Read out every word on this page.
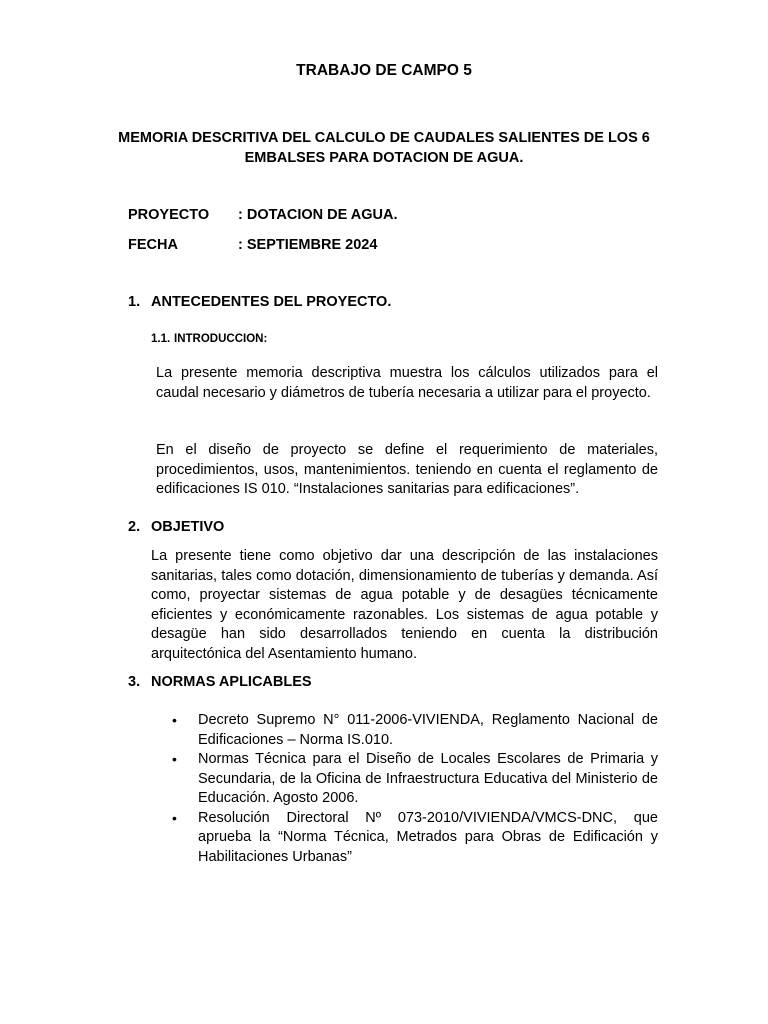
TRABAJO DE CAMPO 5

MEMORIA DESCRITIVA DEL CALCULO DE CAUDALES SALIENTES DE LOS 6 EMBALSES PARA DOTACION DE AGUA.

PROYECTO	: DOTACION DE AGUA.
FECHA	: SEPTIEMBRE 2024
1. ANTECEDENTES DEL PROYECTO.
1.1. INTRODUCCION:

La presente memoria descriptiva muestra los cálculos utilizados para el caudal necesario y diámetros de tubería necesaria a utilizar para el proyecto.

En el diseño de proyecto se define el requerimiento de materiales, procedimientos, usos, mantenimientos. teniendo en cuenta el reglamento de edificaciones IS 010. “Instalaciones sanitarias para edificaciones”.

2. OBJETIVO

La presente tiene como objetivo dar una descripción de las instalaciones sanitarias, tales como dotación, dimensionamiento de tuberías y demanda. Así como, proyectar sistemas de agua potable y de desagües técnicamente eficientes y económicamente razonables. Los sistemas de agua potable y desagüe han sido desarrollados teniendo en cuenta la distribución arquitectónica del Asentamiento humano.

3. NORMAS APLICABLES
• Decreto Supremo N° 011-2006-VIVIENDA, Reglamento Nacional de Edificaciones – Norma IS.010.
• Normas Técnica para el Diseño de Locales Escolares de Primaria y Secundaria, de la Oficina de Infraestructura Educativa del Ministerio de Educación. Agosto 2006.
• Resolución Directoral Nº 073-2010/VIVIENDA/VMCS-DNC, que aprueba la “Norma Técnica, Metrados para Obras de Edificación y Habilitaciones Urbanas”
